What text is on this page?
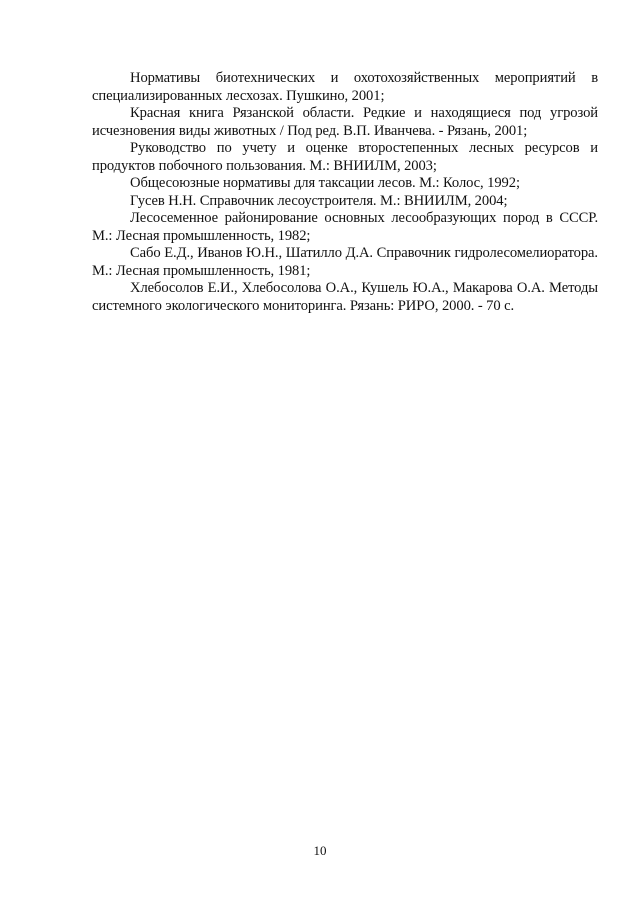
Нормативы биотехнических и охотохозяйственных мероприятий в специализированных лесхозах. Пушкино, 2001;

Красная книга Рязанской области. Редкие и находящиеся под угрозой исчезновения виды животных / Под ред. В.П. Иванчева. - Рязань, 2001;

Руководство по учету и оценке второстепенных лесных ресурсов и продуктов побочного пользования. М.: ВНИИЛМ, 2003;

Общесоюзные нормативы для таксации лесов. М.: Колос, 1992;

Гусев Н.Н. Справочник лесоустроителя. М.: ВНИИЛМ, 2004;

Лесосеменное районирование основных лесообразующих пород в СССР. М.: Лесная промышленность, 1982;

Сабо Е.Д., Иванов Ю.Н., Шатилло Д.А. Справочник гидролесомелиоратора. М.: Лесная промышленность, 1981;

Хлебосолов Е.И., Хлебосолова О.А., Кушель Ю.А., Макарова О.А. Методы системного экологического мониторинга. Рязань: РИРО, 2000. - 70 с.

10
